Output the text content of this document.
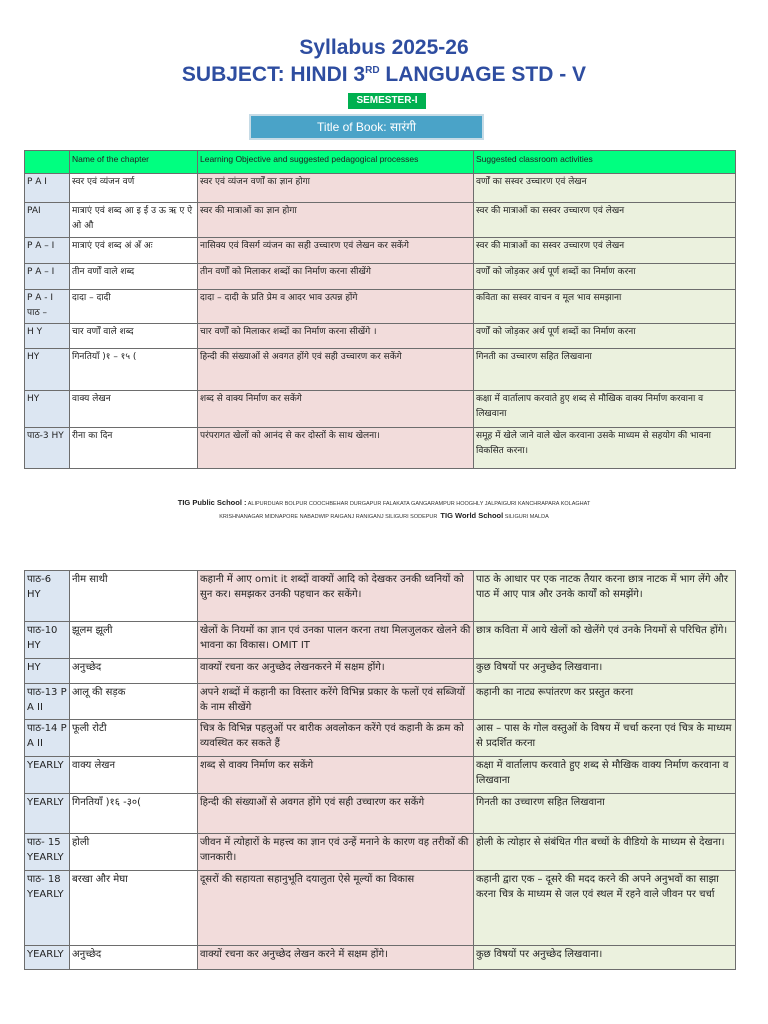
Syllabus 2025-26
SUBJECT: HINDI 3RD LANGUAGE STD - V
SEMESTER-I
Title of Book: सारंगी
	Name of the chapter	Learning Objective and suggested pedagogical processes	Suggested classroom activities
P A I	स्वर एवं व्यंजन वर्ण	स्वर एवं व्यंजन वर्णों का ज्ञान होगा	वर्णों का सस्वर उच्चारण एवं लेखन
PAI	मात्राएं एवं शब्द आ इ ई उ ऊ ऋ ए ऐ ओ औ	स्वर की मात्राओं का ज्ञान होगा	स्वर की मात्राओं का सस्वर उच्चारण एवं लेखन
P A – I	मात्राएं एवं शब्द अं अँ अः	नासिक्य एवं विसर्ग व्यंजन का सही उच्चारण एवं लेखन कर सकेंगे	स्वर की मात्राओं का सस्वर उच्चारण एवं लेखन
P A – I	तीन वर्णों वाले शब्द	तीन वर्णों को मिलाकर शब्दों का निर्माण करना सीखेंगे	वर्णों को जोड़कर अर्थ पूर्ण शब्दों का निर्माण करना
P A - I पाठ –	दादा – दादी	दादा – दादी के प्रति प्रेम व आदर भाव उत्पन्न होंगे	कविता का सस्वर वाचन व मूल भाव समझाना
H Y	चार वर्णों वाले शब्द	चार वर्णों को मिलाकर शब्दों का निर्माण करना सीखेंगे ।	वर्णों को जोड़कर अर्थ पूर्ण शब्दों का निर्माण करना
HY	गिनतियाँ )१ – १५ (	हिन्दी की संख्याओं से अवगत होंगे एवं सही उच्चारण कर सकेंगे	गिनती का उच्चारण सहित लिखवाना
HY	वाक्य लेखन	शब्द से वाक्य निर्माण कर सकेंगे	कक्षा में वार्तालाप करवाते हुए शब्द से मौखिक वाक्य निर्माण करवाना व लिखवाना
पाठ-3 HY	रीना का दिन	परंपरागत खेलों को आनंद से कर दोस्तों के साथ खेलना।	समूह में खेले जाने वाले खेल करवाना उसके माध्यम से सहयोग की भावना विकसित करना।
TIG Public School : ALIPURDUAR BOLPUR COOCHBEHAR DURGAPUR FALAKATA GANGARAMPUR HOOGHLY JALPAIGURI KANCHRAPARA KOLAGHAT
KRISHNANAGAR MIDNAPORE NABADWIP RAIGANJ RANIGANJ SILIGURI SODEPUR TIG World School SILIGURI MALDA
पाठ-6 HY	नीम साथी	कहानी में आए omit it शब्दों वाक्यों आदि को देखकर उनकी ध्वनियों को सुन कर। समझकर उनकी पहचान कर सकेंगे।	पाठ के आधार पर एक नाटक तैयार करना छात्र नाटक में भाग लेंगे और पाठ में आए पात्र और उनके कार्यों को समझेंगे।
पाठ-10 HY	झूलम झूली	खेलों के नियमों का ज्ञान एवं उनका पालन करना तथा मिलजुलकर खेलने की भावना का विकास। OMIT IT	छात्र कविता में आये खेलों को खेलेंगे एवं उनके नियमों से परिचित होंगे।
HY	अनुच्छेद	वाक्यों रचना कर अनुच्छेद लेखनकरने में सक्षम होंगे।	कुछ विषयों पर अनुच्छेद लिखवाना।
पाठ-13 P A II	आलू की सड़क	अपने शब्दों में कहानी का विस्तार करेंगे विभिन्न प्रकार के फलों एवं सब्जियों के नाम सीखेंगे	कहानी का नाट्य रूपांतरण कर प्रस्तुत करना
पाठ-14 P A II	फूली रोटी	चित्र के विभिन्न पहलुओं पर बारीक अवलोकन करेंगे एवं कहानी के क्रम को व्यवस्थित कर सकते हैं	आस – पास के गोल वस्तुओं के विषय में चर्चा करना एवं चित्र के माध्यम से प्रदर्शित करना
YEARLY	वाक्य लेखन	शब्द से वाक्य निर्माण कर सकेंगे	कक्षा में वार्तालाप करवाते हुए शब्द से मौखिक वाक्य निर्माण करवाना व लिखवाना
YEARLY	गिनतियाँ )१६ -३०(	हिन्दी की संख्याओं से अवगत होंगे एवं सही उच्चारण कर सकेंगे	गिनती का उच्चारण सहित लिखवाना
पाठ- 15 YEARLY	होली	जीवन में त्योहारों के महत्त्व का ज्ञान एवं उन्हें मनाने के कारण वह तरीकों की जानकारी।	होली के त्योहार से संबंधित गीत बच्चों के वीडियो के माध्यम से देखना।
पाठ- 18 YEARLY	बरखा और मेघा	दूसरों की सहायता सहानुभूति दयालुता ऐसे मूल्यों का विकास	कहानी द्वारा एक – दूसरे की मदद करने की अपने अनुभवों का साझा करना चित्र के माध्यम से जल एवं स्थल में रहने वाले जीवन पर चर्चा
YEARLY	अनुच्छेद	वाक्यों रचना कर अनुच्छेद लेखन करने में सक्षम होंगे।	कुछ विषयों पर अनुच्छेद लिखवाना।
